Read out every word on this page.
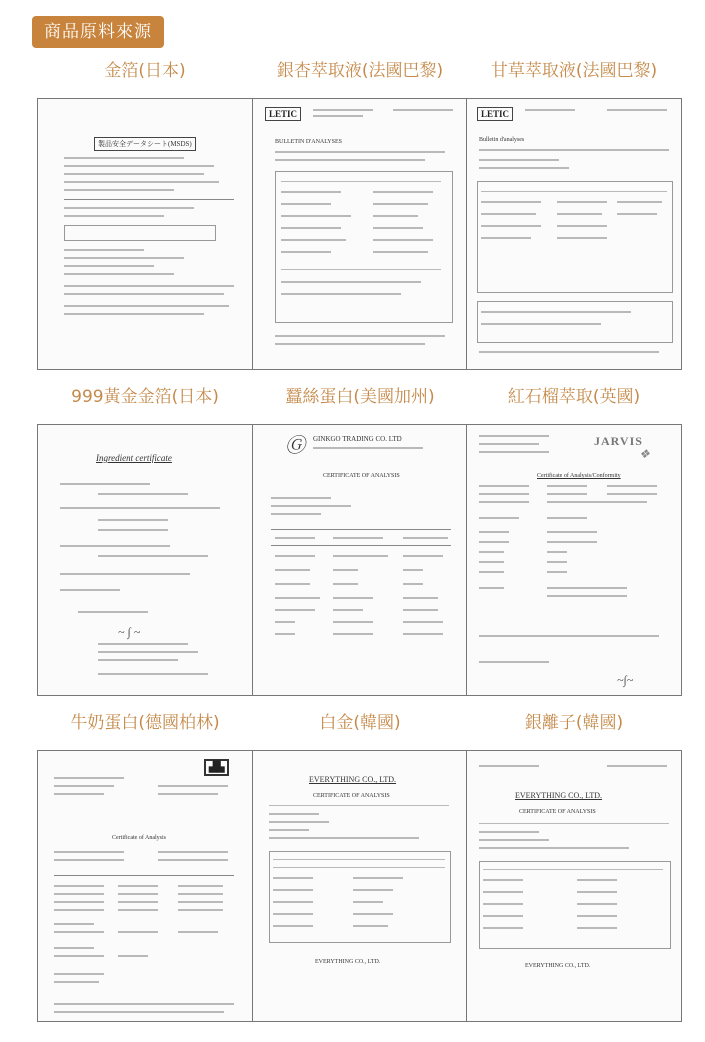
商品原料來源
金箔(日本)
製品安全データシート(MSDS)
銀杏萃取液(法國巴黎)
LETIC
BULLETIN D'ANALYSES
甘草萃取液(法國巴黎)
LETIC
Bulletin d'analyses
999黃金金箔(日本)
Ingredient certificate
~ ∫ ~
蠶絲蛋白(美國加州)
Ⓖ GINKGO TRADING CO. LTD
CERTIFICATE OF ANALYSIS
紅石榴萃取(英國)
JARVIS
❖
Certificate of Analysis/Conformity
~∫~
牛奶蛋白(德國柏林)
▟▙
Certificate of Analysis
白金(韓國)
EVERYTHING CO., LTD.
CERTIFICATE OF ANALYSIS
EVERYTHING CO., LTD.
銀離子(韓國)
EVERYTHING CO., LTD.
CERTIFICATE OF ANALYSIS
EVERYTHING CO., LTD.
